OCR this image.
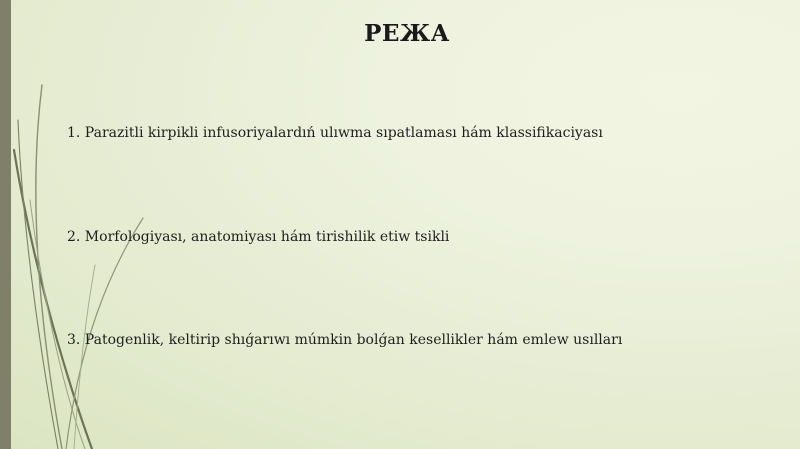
РЕЖА

1. Parazitli kirpikli infusoriyalardıń ulıwma sıpatlaması hám klassifikaciyası

2. Morfologiyası, anatomiyası hám tirishilik etiw tsikli

3. Patogenlik, keltirip shıǵarıwı múmkin bolǵan kesellikler hám emlew usılları
